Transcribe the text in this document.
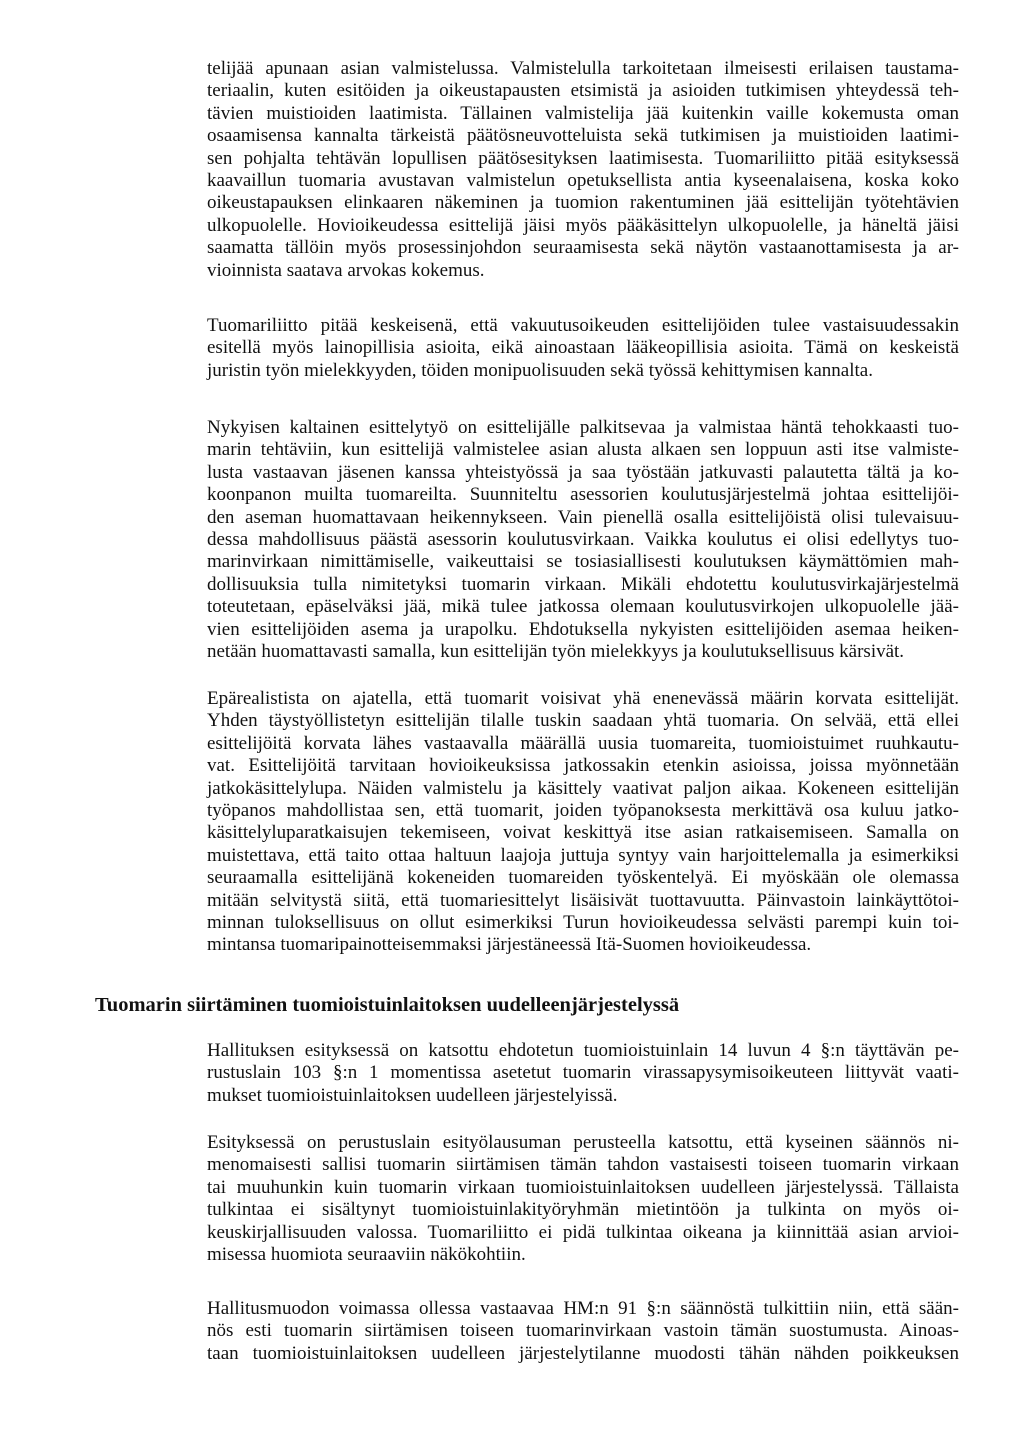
telijää apunaan asian valmistelussa. Valmistelulla tarkoitetaan ilmeisesti erilaisen taustama-
teriaalin, kuten esitöiden ja oikeustapausten etsimistä ja asioiden tutkimisen yhteydessä teh-
tävien muistioiden laatimista. Tällainen valmistelija jää kuitenkin vaille kokemusta oman
osaamisensa kannalta tärkeistä päätösneuvotteluista sekä tutkimisen ja muistioiden laatimi-
sen pohjalta tehtävän lopullisen päätösesityksen laatimisesta. Tuomariliitto pitää esityksessä
kaavaillun tuomaria avustavan valmistelun opetuksellista antia kyseenalaisena, koska koko
oikeustapauksen elinkaaren näkeminen ja tuomion rakentuminen jää esittelijän työtehtävien
ulkopuolelle. Hovioikeudessa esittelijä jäisi myös pääkäsittelyn ulkopuolelle, ja häneltä jäisi
saamatta tällöin myös prosessinjohdon seuraamisesta sekä näytön vastaanottamisesta ja ar-
vioinnista saatava arvokas kokemus.

Tuomariliitto pitää keskeisenä, että vakuutusoikeuden esittelijöiden tulee vastaisuudessakin
esitellä myös lainopillisia asioita, eikä ainoastaan lääkeopillisia asioita. Tämä on keskeistä
juristin työn mielekkyyden, töiden monipuolisuuden sekä työssä kehittymisen kannalta.

Nykyisen kaltainen esittelytyö on esittelijälle palkitsevaa ja valmistaa häntä tehokkaasti tuo-
marin tehtäviin, kun esittelijä valmistelee asian alusta alkaen sen loppuun asti itse valmiste-
lusta vastaavan jäsenen kanssa yhteistyössä ja saa työstään jatkuvasti palautetta tältä ja ko-
koonpanon muilta tuomareilta. Suunniteltu asessorien koulutusjärjestelmä johtaa esittelijöi-
den aseman huomattavaan heikennykseen. Vain pienellä osalla esittelijöistä olisi tulevaisuu-
dessa mahdollisuus päästä asessorin koulutusvirkaan. Vaikka koulutus ei olisi edellytys tuo-
marinvirkaan nimittämiselle, vaikeuttaisi se tosiasiallisesti koulutuksen käymättömien mah-
dollisuuksia tulla nimitetyksi tuomarin virkaan. Mikäli ehdotettu koulutusvirkajärjestelmä
toteutetaan, epäselväksi jää, mikä tulee jatkossa olemaan koulutusvirkojen ulkopuolelle jää-
vien esittelijöiden asema ja urapolku. Ehdotuksella nykyisten esittelijöiden asemaa heiken-
netään huomattavasti samalla, kun esittelijän työn mielekkyys ja koulutuksellisuus kärsivät.

Epärealistista on ajatella, että tuomarit voisivat yhä enenevässä määrin korvata esittelijät.
Yhden täystyöllistetyn esittelijän tilalle tuskin saadaan yhtä tuomaria. On selvää, että ellei
esittelijöitä korvata lähes vastaavalla määrällä uusia tuomareita, tuomioistuimet ruuhkautu-
vat. Esittelijöitä tarvitaan hovioikeuksissa jatkossakin etenkin asioissa, joissa myönnetään
jatkokäsittelylupa. Näiden valmistelu ja käsittely vaativat paljon aikaa. Kokeneen esittelijän
työpanos mahdollistaa sen, että tuomarit, joiden työpanoksesta merkittävä osa kuluu jatko-
käsittelyluparatkaisujen tekemiseen, voivat keskittyä itse asian ratkaisemiseen. Samalla on
muistettava, että taito ottaa haltuun laajoja juttuja syntyy vain harjoittelemalla ja esimerkiksi
seuraamalla esittelijänä kokeneiden tuomareiden työskentelyä. Ei myöskään ole olemassa
mitään selvitystä siitä, että tuomariesittelyt lisäisivät tuottavuutta. Päinvastoin lainkäyttötoi-
minnan tuloksellisuus on ollut esimerkiksi Turun hovioikeudessa selvästi parempi kuin toi-
mintansa tuomaripainotteisemmaksi järjestäneessä Itä-Suomen hovioikeudessa.

Tuomarin siirtäminen tuomioistuinlaitoksen uudelleenjärjestelyssä

Hallituksen esityksessä on katsottu ehdotetun tuomioistuinlain 14 luvun 4 §:n täyttävän pe-
rustuslain 103 §:n 1 momentissa asetetut tuomarin virassapysymisoikeuteen liittyvät vaati-
mukset tuomioistuinlaitoksen uudelleen järjestelyissä.

Esityksessä on perustuslain esityölausuman perusteella katsottu, että kyseinen säännös ni-
menomaisesti sallisi tuomarin siirtämisen tämän tahdon vastaisesti toiseen tuomarin virkaan
tai muuhunkin kuin tuomarin virkaan tuomioistuinlaitoksen uudelleen järjestelyssä. Tällaista
tulkintaa ei sisältynyt tuomioistuinlakityöryhmän mietintöön ja tulkinta on myös oi-
keuskirjallisuuden valossa. Tuomariliitto ei pidä tulkintaa oikeana ja kiinnittää asian arvioi-
misessa huomiota seuraaviin näkökohtiin.

Hallitusmuodon voimassa ollessa vastaavaa HM:n 91 §:n säännöstä tulkittiin niin, että sään-
nös esti tuomarin siirtämisen toiseen tuomarinvirkaan vastoin tämän suostumusta. Ainoas-
taan tuomioistuinlaitoksen uudelleen järjestelytilanne muodosti tähän nähden poikkeuksen
